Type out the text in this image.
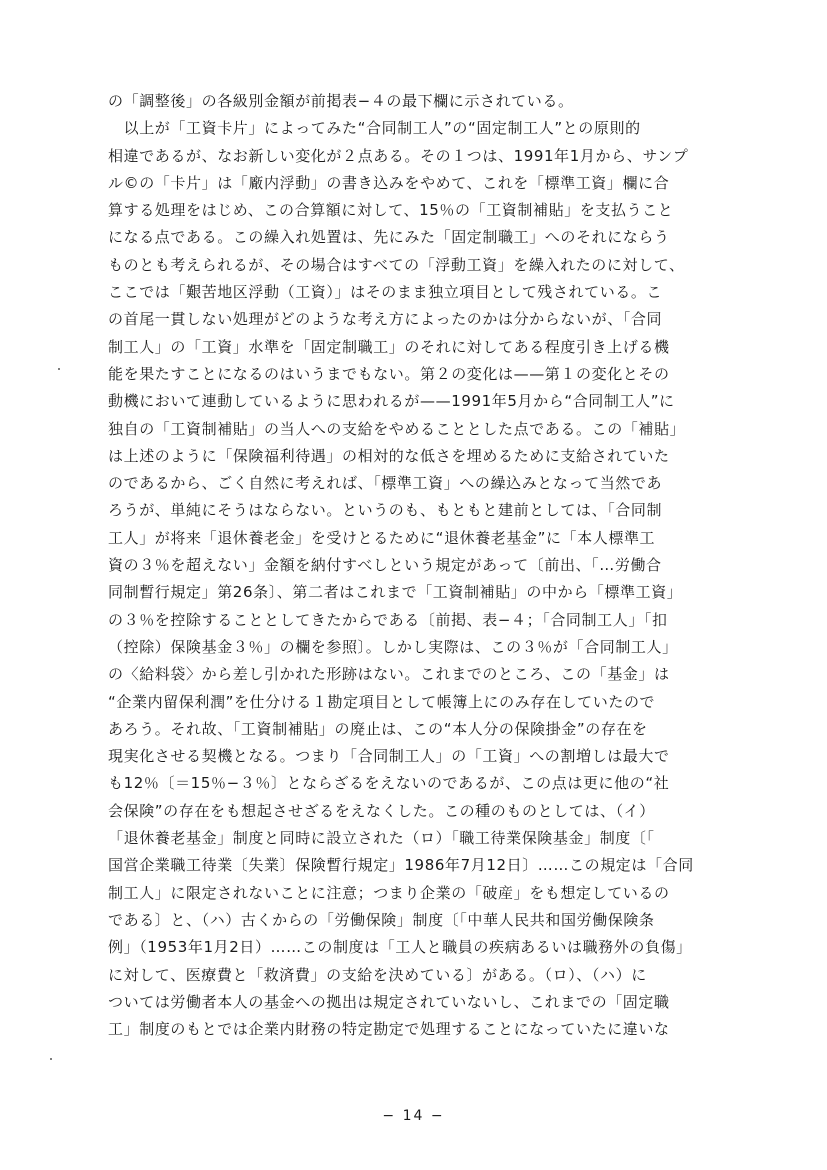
の「調整後」の各級別金額が前掲表−４の最下欄に示されている。
　以上が「工資卡片」によってみた“合同制工人”の“固定制工人”との原則的
相違であるが、なお新しい変化が２点ある。その１つは、1991年1月から、サンプ
ル©の「卡片」は「廠内浮動」の書き込みをやめて、これを「標準工資」欄に合
算する処理をはじめ、この合算額に対して、15％の「工資制補貼」を支払うこと
になる点である。この繰入れ処置は、先にみた「固定制職工」へのそれにならう
ものとも考えられるが、その場合はすべての「浮動工資」を繰入れたのに対して、
ここでは「艱苦地区浮動（工資）」はそのまま独立項目として残されている。こ
の首尾一貫しない処理がどのような考え方によったのかは分からないが、「合同
制工人」の「工資」水準を「固定制職工」のそれに対してある程度引き上げる機
能を果たすことになるのはいうまでもない。第２の変化は——第１の変化とその
動機において連動しているように思われるが——1991年5月から“合同制工人”に
独自の「工資制補貼」の当人への支給をやめることとした点である。この「補貼」
は上述のように「保険福利待遇」の相対的な低さを埋めるために支給されていた
のであるから、ごく自然に考えれば、「標準工資」への繰込みとなって当然であ
ろうが、単純にそうはならない。というのも、もともと建前としては、「合同制
工人」が将来「退休養老金」を受けとるために“退休養老基金”に「本人標準工
資の３％を超えない」金額を納付すべしという規定があって〔前出、「…労働合
同制暫行規定」第26条〕、第二者はこれまで「工資制補貼」の中から「標準工資」
の３％を控除することとしてきたからである〔前掲、表−４；「合同制工人」「扣
（控除）保険基金３％」の欄を参照〕。しかし実際は、この３％が「合同制工人」
の〈給料袋〉から差し引かれた形跡はない。これまでのところ、この「基金」は
“企業内留保利潤”を仕分ける１勘定項目として帳簿上にのみ存在していたので
あろう。それ故、「工資制補貼」の廃止は、この“本人分の保険掛金”の存在を
現実化させる契機となる。つまり「合同制工人」の「工資」への割増しは最大で
も12％〔＝15％−３％〕とならざるをえないのであるが、この点は更に他の“社
会保険”の存在をも想起させざるをえなくした。この種のものとしては、（イ）
「退休養老基金」制度と同時に設立された（ロ）「職工待業保険基金」制度〔「
国営企業職工待業〔失業〕保険暫行規定」1986年7月12日〕……この規定は「合同
制工人」に限定されないことに注意；つまり企業の「破産」をも想定しているの
である〕と、（ハ）古くからの「労働保険」制度〔「中華人民共和国労働保険条
例」（1953年1月2日）……この制度は「工人と職員の疾病あるいは職務外の負傷」
に対して、医療費と「救済費」の支給を決めている〕がある。（ロ）、（ハ）に
ついては労働者本人の基金への拠出は規定されていないし、これまでの「固定職
工」制度のもとでは企業内財務の特定勘定で処理することになっていたに違いな
− 14 −
